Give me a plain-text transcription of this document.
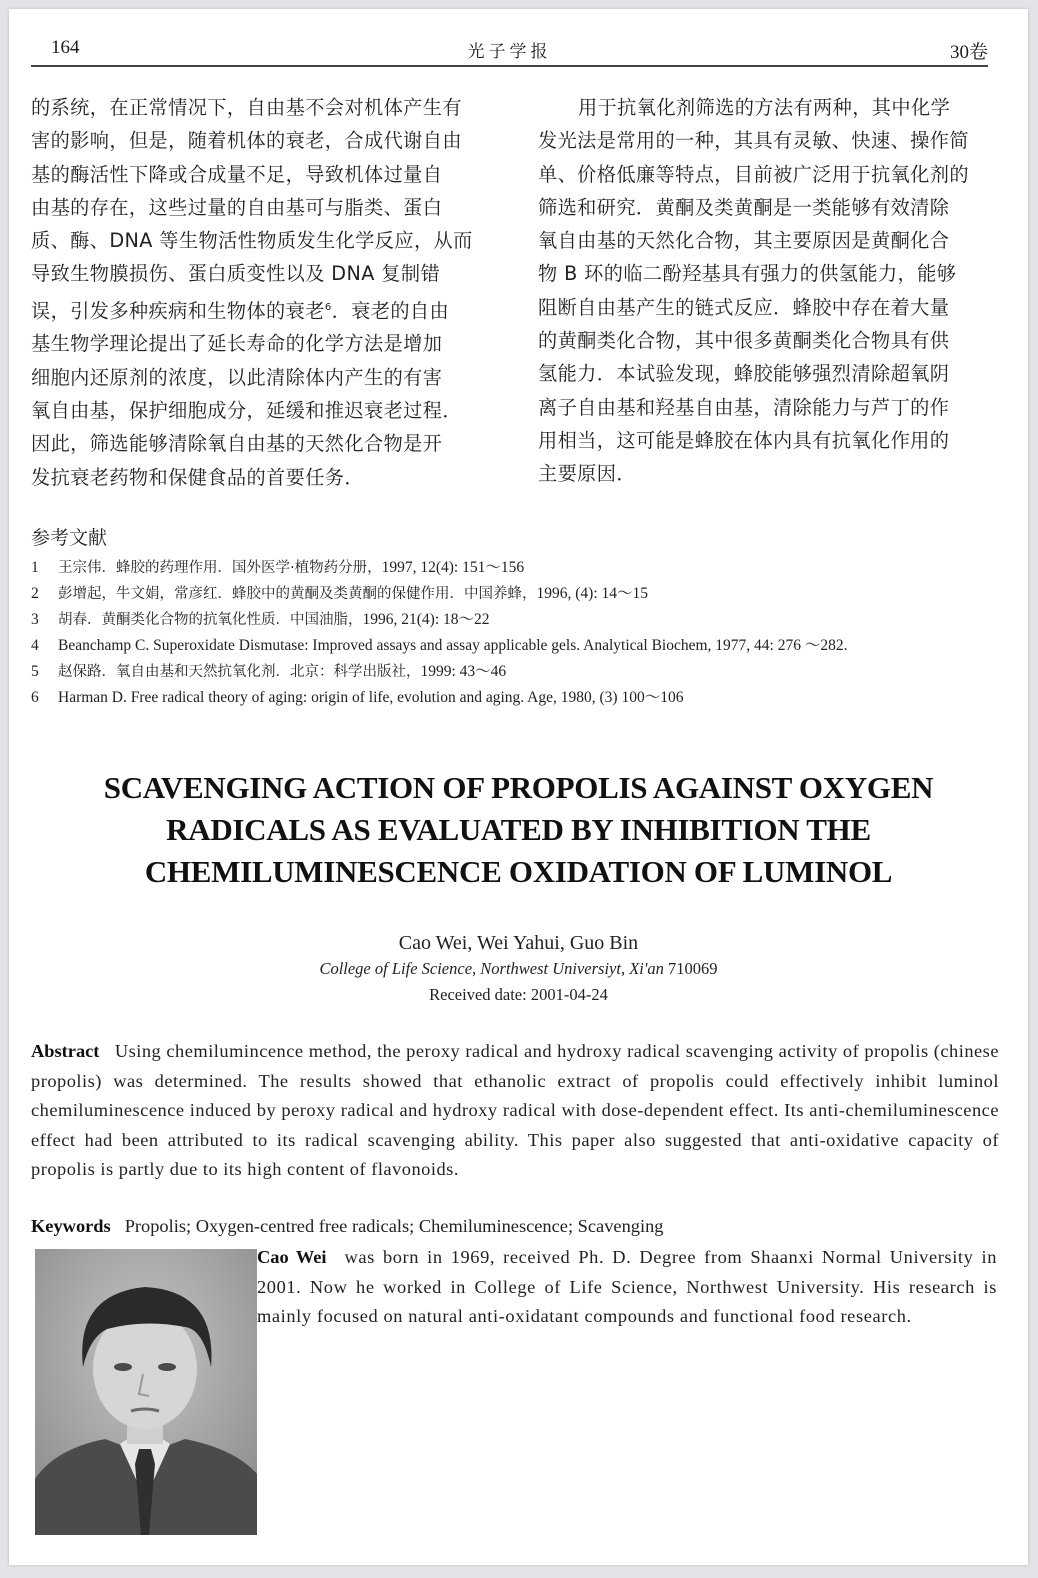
164	光子学报	30卷
的系统，在正常情况下，自由基不会对机体产生有
害的影响，但是，随着机体的衰老，合成代谢自由
基的酶活性下降或合成量不足，导致机体过量自
由基的存在，这些过量的自由基可与脂类、蛋白
质、酶、DNA 等生物活性物质发生化学反应，从而
导致生物膜损伤、蛋白质变性以及 DNA 复制错
误，引发多种疾病和生物体的衰老$^6$．衰老的自由
基生物学理论提出了延长寿命的化学方法是增加
细胞内还原剂的浓度，以此清除体内产生的有害
氧自由基，保护细胞成分，延缓和推迟衰老过程．
因此，筛选能够清除氧自由基的天然化合物是开
发抗衰老药物和保健食品的首要任务．
用于抗氧化剂筛选的方法有两种，其中化学
发光法是常用的一种，其具有灵敏、快速、操作简
单、价格低廉等特点，目前被广泛用于抗氧化剂的
筛选和研究．黄酮及类黄酮是一类能够有效清除
氧自由基的天然化合物，其主要原因是黄酮化合
物 B 环的临二酚羟基具有强力的供氢能力，能够
阻断自由基产生的链式反应．蜂胶中存在着大量
的黄酮类化合物，其中很多黄酮类化合物具有供
氢能力．本试验发现，蜂胶能够强烈清除超氧阴
离子自由基和羟基自由基，清除能力与芦丁的作
用相当，这可能是蜂胶在体内具有抗氧化作用的
主要原因．
参考文献
1 王宗伟．蜂胶的药理作用．国外医学·植物药分册，1997, 12(4): 151～156
2 彭增起，牛文娟，常彦红．蜂胶中的黄酮及类黄酮的保健作用．中国养蜂，1996, (4): 14～15
3 胡春．黄酮类化合物的抗氧化性质．中国油脂，1996, 21(4): 18～22
4 Beanchamp C. Superoxidate Dismutase: Improved assays and assay applicable gels. Analytical Biochem, 1977, 44: 276 ～282.
5 赵保路．氧自由基和天然抗氧化剂．北京：科学出版社，1999: 43～46
6 Harman D. Free radical theory of aging: origin of life, evolution and aging. Age, 1980, (3) 100～106
SCAVENGING ACTION OF PROPOLIS AGAINST OXYGEN
RADICALS AS EVALUATED BY INHIBITION THE
CHEMILUMINESCENCE OXIDATION OF LUMINOL
Cao Wei, Wei Yahui, Guo Bin
College of Life Science, Northwest Universiyt, Xi'an 710069
Received date: 2001-04-24
Abstract Using chemilumincence method, the peroxy radical and hydroxy radical scavenging activity of propolis (chinese propolis) was determined. The results showed that ethanolic extract of propolis could effectively inhibit luminol chemiluminescence induced by peroxy radical and hydroxy radical with dose-dependent effect. Its anti-chemiluminescence effect had been attributed to its radical scavenging ability. This paper also suggested that anti-oxidative capacity of propolis is partly due to its high content of flavonoids.
Keywords Propolis; Oxygen-centred free radicals; Chemiluminescence; Scavenging
Cao Wei was born in 1969, received Ph. D. Degree from Shaanxi Normal University in 2001. Now he worked in College of Life Science, Northwest University. His research is mainly focused on natural anti-oxidatant compounds and functional food research.
